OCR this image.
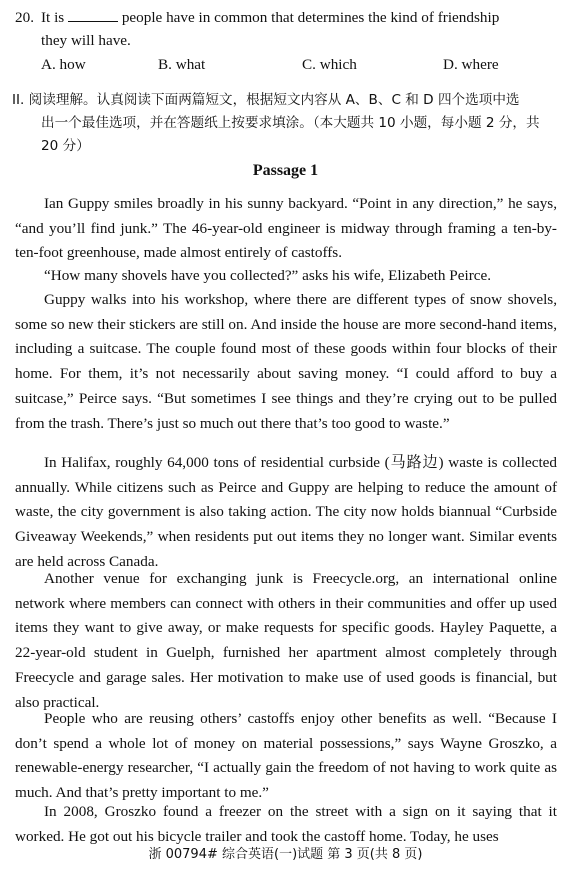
20. It is	people have in common that determines the kind of friendship
they will have.
A. how	B. what	C. which	D. where
II. 阅读理解。认真阅读下面两篇短文，根据短文内容从 A、B、C 和 D 四个选项中选
出一个最佳选项，并在答题纸上按要求填涂。（本大题共 10 小题，每小题 2 分，共
20 分）
Passage 1
Ian Guppy smiles broadly in his sunny backyard. “Point in any direction,” he says, “and you’ll find junk.” The 46-year-old engineer is midway through framing a ten-by-ten-foot greenhouse, made almost entirely of castoffs.
“How many shovels have you collected?” asks his wife, Elizabeth Peirce.
Guppy walks into his workshop, where there are different types of snow shovels, some so new their stickers are still on. And inside the house are more second-hand items, including a suitcase. The couple found most of these goods within four blocks of their home. For them, it’s not necessarily about saving money. “I could afford to buy a suitcase,” Peirce says. “But sometimes I see things and they’re crying out to be pulled from the trash. There’s just so much out there that’s too good to waste.”
In Halifax, roughly 64,000 tons of residential curbside (马路边) waste is collected annually. While citizens such as Peirce and Guppy are helping to reduce the amount of waste, the city government is also taking action. The city now holds biannual “Curbside Giveaway Weekends,” when residents put out items they no longer want. Similar events are held across Canada.
Another venue for exchanging junk is Freecycle.org, an international online network where members can connect with others in their communities and offer up used items they want to give away, or make requests for specific goods. Hayley Paquette, a 22-year-old student in Guelph, furnished her apartment almost completely through Freecycle and garage sales. Her motivation to make use of used goods is financial, but also practical.
People who are reusing others’ castoffs enjoy other benefits as well. “Because I don’t spend a whole lot of money on material possessions,” says Wayne Groszko, a renewable-energy researcher, “I actually gain the freedom of not having to work quite as much. And that’s pretty important to me.”
In 2008, Groszko found a freezer on the street with a sign on it saying that it worked. He got out his bicycle trailer and took the castoff home. Today, he uses
浙 00794# 综合英语(一)试题 第 3 页(共 8 页)
